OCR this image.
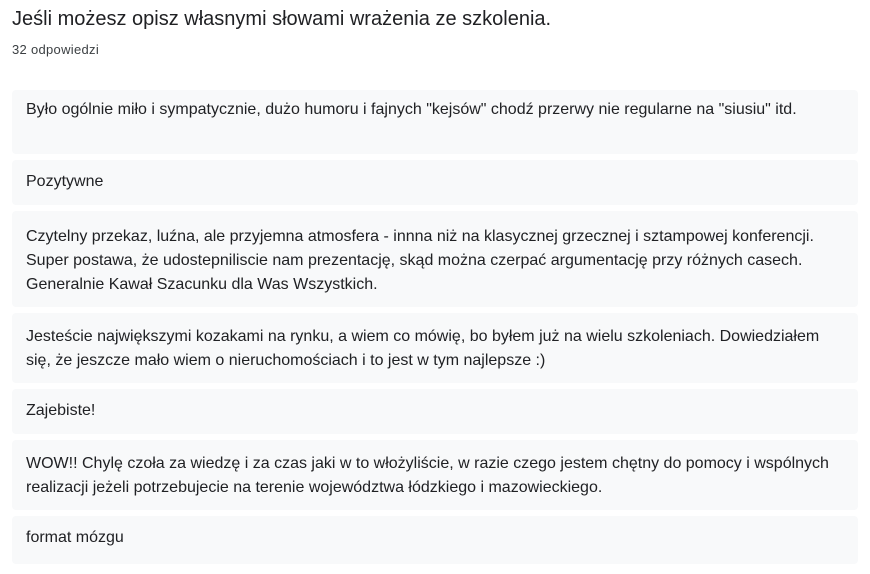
Jeśli możesz opisz własnymi słowami wrażenia ze szkolenia.
32 odpowiedzi
Było ogólnie miło i sympatycznie, dużo humoru i fajnych "kejsów" chodź przerwy nie regularne na "siusiu" itd.
Pozytywne
Czytelny przekaz, luźna, ale przyjemna atmosfera - innna niż na klasycznej grzecznej i sztampowej konferencji. Super postawa, że udostepniliscie nam prezentację, skąd można czerpać argumentację przy różnych casech. Generalnie Kawał Szacunku dla Was Wszystkich.
Jesteście największymi kozakami na rynku, a wiem co mówię, bo byłem już na wielu szkoleniach. Dowiedziałem się, że jeszcze mało wiem o nieruchomościach i to jest w tym najlepsze :)
Zajebiste!
WOW!! Chylę czoła za wiedzę i za czas jaki w to włożyliście, w razie czego jestem chętny do pomocy i wspólnych realizacji jeżeli potrzebujecie na terenie województwa łódzkiego i mazowieckiego.
format mózgu
